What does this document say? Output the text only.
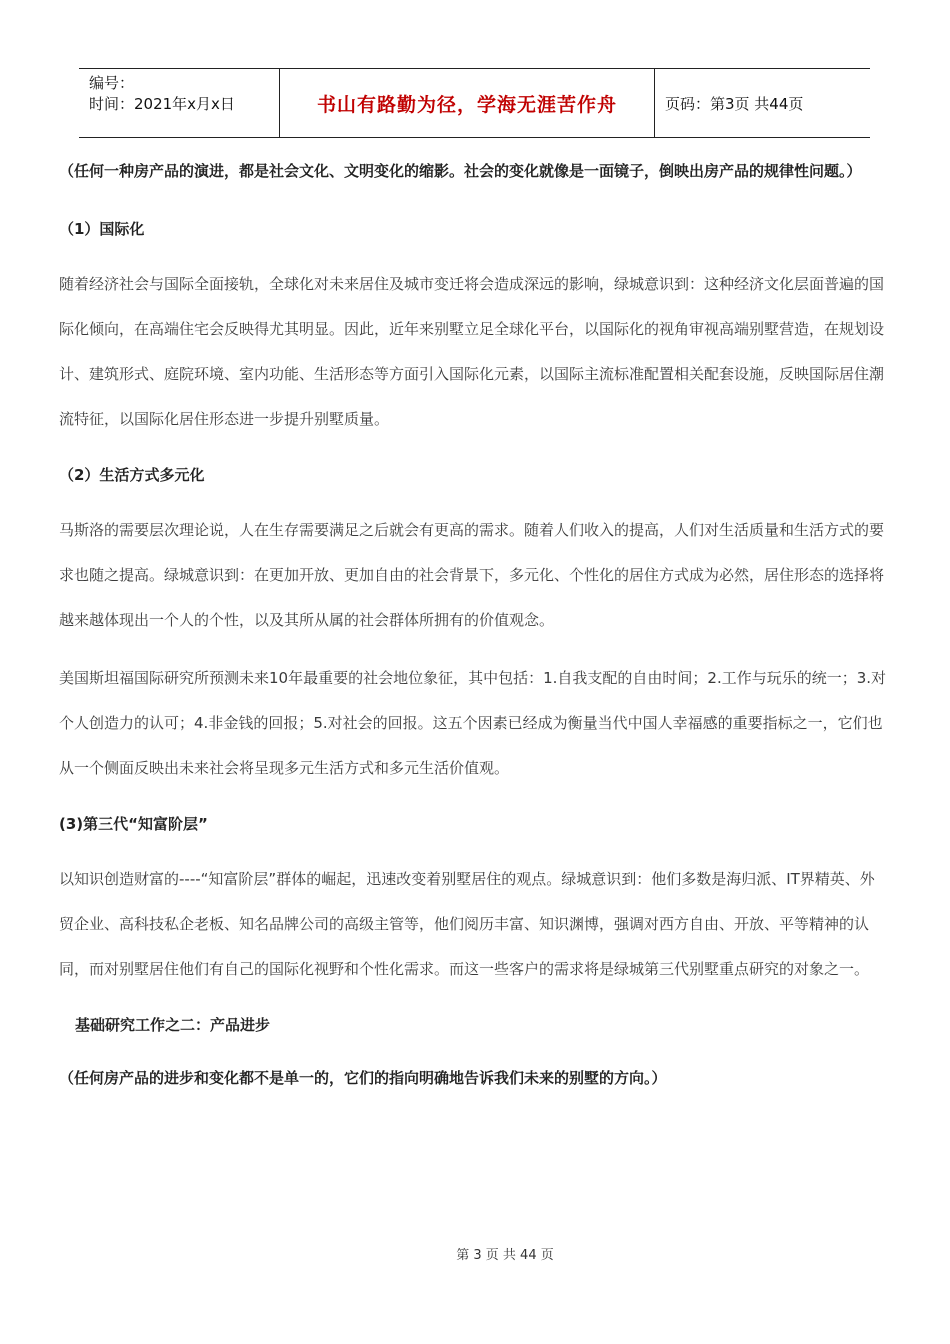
编号：
时间：2021年x月x日	书山有路勤为径，学海无涯苦作舟	页码：第3页 共44页

（任何一种房产品的演进，都是社会文化、文明变化的缩影。社会的变化就像是一面镜子，倒映出房产品的规律性问题。）

（1）国际化

随着经济社会与国际全面接轨，全球化对未来居住及城市变迁将会造成深远的影响，绿城意识到：这种经济文化层面普遍的国际化倾向，在高端住宅会反映得尤其明显。因此，近年来别墅立足全球化平台，以国际化的视角审视高端别墅营造，在规划设计、建筑形式、庭院环境、室内功能、生活形态等方面引入国际化元素，以国际主流标准配置相关配套设施，反映国际居住潮流特征，以国际化居住形态进一步提升别墅质量。

（2）生活方式多元化

马斯洛的需要层次理论说，人在生存需要满足之后就会有更高的需求。随着人们收入的提高，人们对生活质量和生活方式的要求也随之提高。绿城意识到：在更加开放、更加自由的社会背景下，多元化、个性化的居住方式成为必然，居住形态的选择将越来越体现出一个人的个性，以及其所从属的社会群体所拥有的价值观念。

美国斯坦福国际研究所预测未来10年最重要的社会地位象征，其中包括：1.自我支配的自由时间；2.工作与玩乐的统一；3.对个人创造力的认可；4.非金钱的回报；5.对社会的回报。这五个因素已经成为衡量当代中国人幸福感的重要指标之一，它们也从一个侧面反映出未来社会将呈现多元生活方式和多元生活价值观。

(3)第三代“知富阶层”

以知识创造财富的----“知富阶层”群体的崛起，迅速改变着别墅居住的观点。绿城意识到：他们多数是海归派、IT界精英、外贸企业、高科技私企老板、知名品牌公司的高级主管等，他们阅历丰富、知识渊博，强调对西方自由、开放、平等精神的认同，而对别墅居住他们有自己的国际化视野和个性化需求。而这一些客户的需求将是绿城第三代别墅重点研究的对象之一。

基础研究工作之二：产品进步

（任何房产品的进步和变化都不是单一的，它们的指向明确地告诉我们未来的别墅的方向。）

第 3 页 共 44 页
